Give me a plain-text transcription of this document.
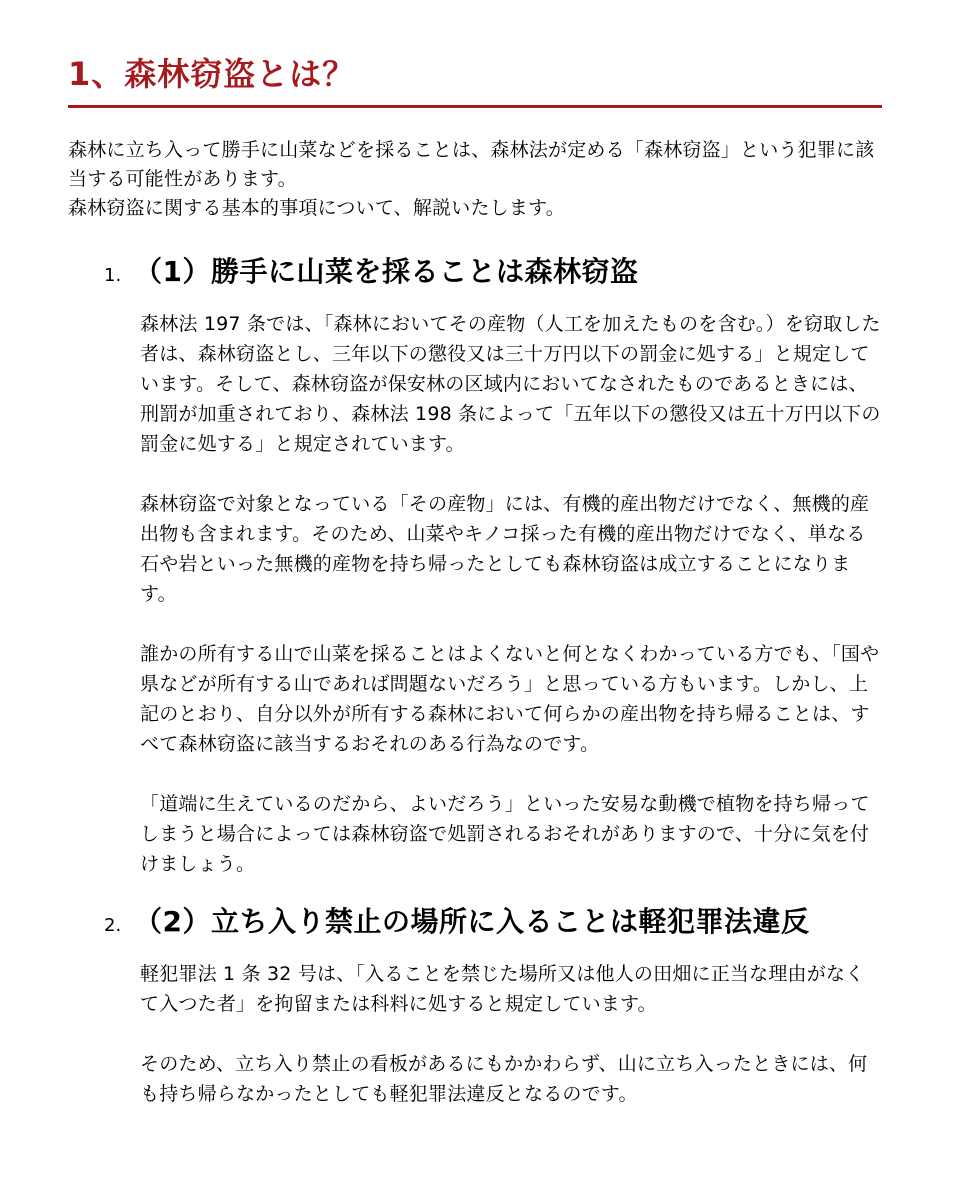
1、森林窃盗とは？

森林に立ち入って勝手に山菜などを採ることは、森林法が定める「森林窃盗」という犯罪に該当する可能性があります。

森林窃盗に関する基本的事項について、解説いたします。

1. （1）勝手に山菜を採ることは森林窃盗

森林法 197 条では、「森林においてその産物（人工を加えたものを含む。）を窃取した者は、森林窃盗とし、三年以下の懲役又は三十万円以下の罰金に処する」と規定しています。そして、森林窃盗が保安林の区域内においてなされたものであるときには、刑罰が加重されており、森林法 198 条によって「五年以下の懲役又は五十万円以下の罰金に処する」と規定されています。

森林窃盗で対象となっている「その産物」には、有機的産出物だけでなく、無機的産出物も含まれます。そのため、山菜やキノコ採った有機的産出物だけでなく、単なる石や岩といった無機的産物を持ち帰ったとしても森林窃盗は成立することになります。

誰かの所有する山で山菜を採ることはよくないと何となくわかっている方でも、「国や県などが所有する山であれば問題ないだろう」と思っている方もいます。しかし、上記のとおり、自分以外が所有する森林において何らかの産出物を持ち帰ることは、すべて森林窃盗に該当するおそれのある行為なのです。

「道端に生えているのだから、よいだろう」といった安易な動機で植物を持ち帰ってしまうと場合によっては森林窃盗で処罰されるおそれがありますので、十分に気を付けましょう。

2. （2）立ち入り禁止の場所に入ることは軽犯罪法違反

軽犯罪法 1 条 32 号は、「入ることを禁じた場所又は他人の田畑に正当な理由がなくて入つた者」を拘留または科料に処すると規定しています。

そのため、立ち入り禁止の看板があるにもかかわらず、山に立ち入ったときには、何も持ち帰らなかったとしても軽犯罪法違反となるのです。
